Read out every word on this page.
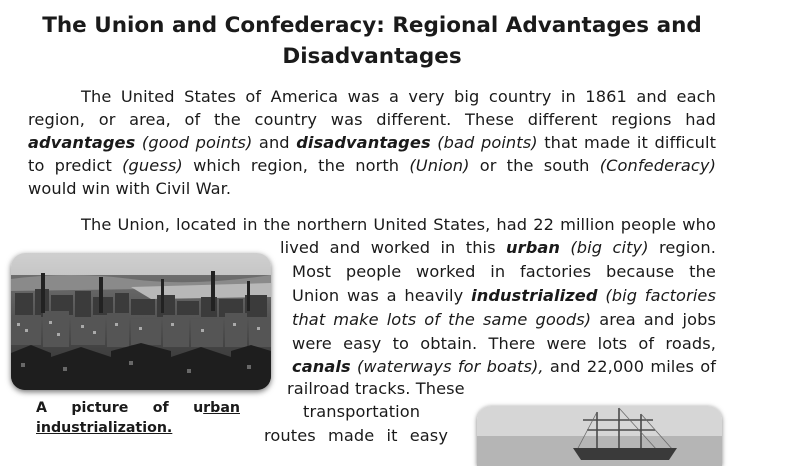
The Union and Confederacy: Regional Advantages and
Disadvantages
The United States of America was a very big country in 1861 and each
region, or area, of the country was different. These different regions had
advantages (good points) and disadvantages (bad points) that made it difficult
to predict (guess) which region, the north (Union) or the south (Confederacy)
would win with Civil War.
The Union, located in the northern United States, had 22 million people who
lived and worked in this urban (big city) region.
Most people worked in factories because the
Union was a heavily industrialized (big factories
that make lots of the same goods) area and jobs
were easy to obtain. There were lots of roads,
canals (waterways for boats), and 22,000 miles of
railroad tracks. These
transportation
routes made it easy
A picture of urban
industrialization.
